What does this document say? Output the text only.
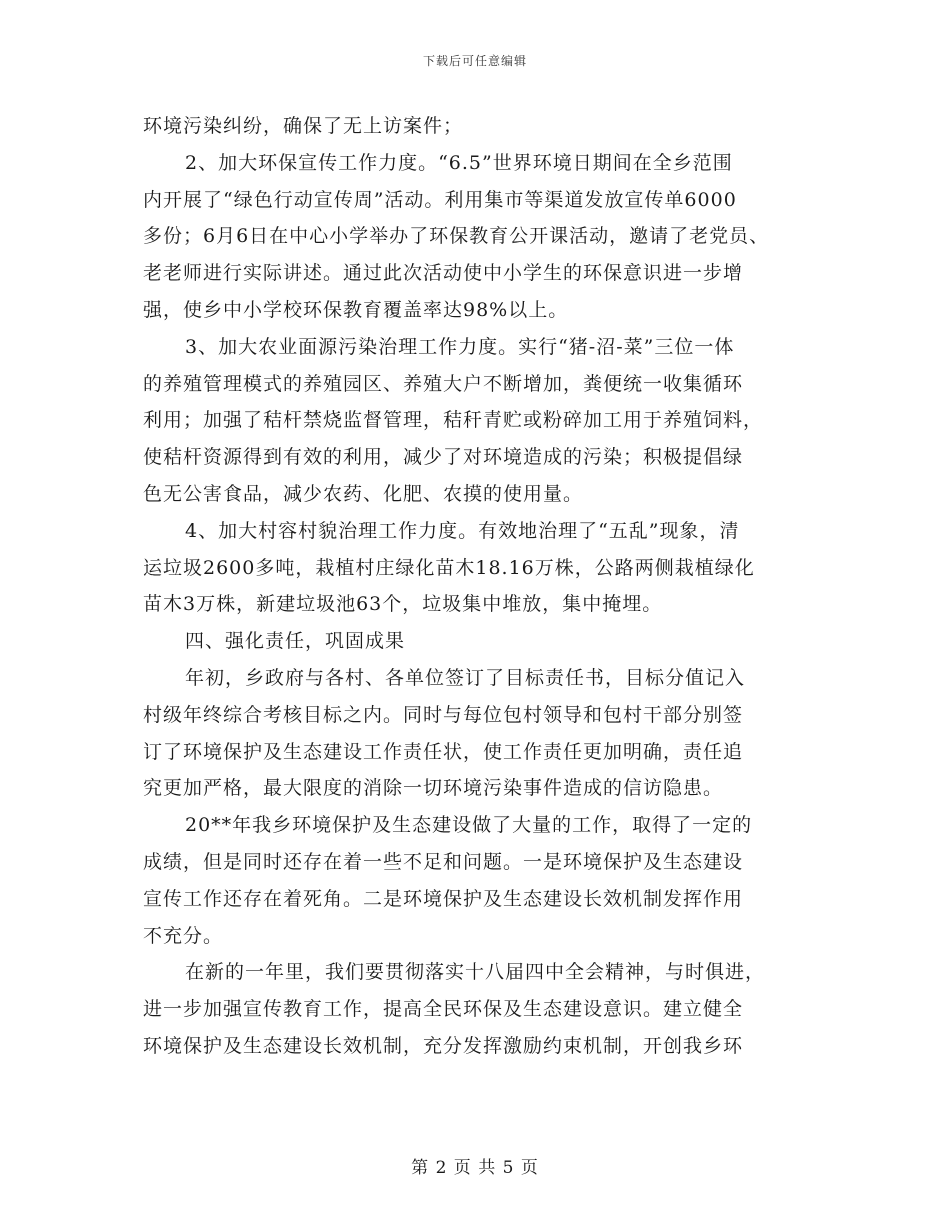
下载后可任意编辑
环境污染纠纷，确保了无上访案件；
2、加大环保宣传工作力度。“6.5”世界环境日期间在全乡范围
内开展了“绿色行动宣传周”活动。利用集市等渠道发放宣传单6000
多份；6月6日在中心小学举办了环保教育公开课活动，邀请了老党员、
老老师进行实际讲述。通过此次活动使中小学生的环保意识进一步增
强，使乡中小学校环保教育覆盖率达98%以上。
3、加大农业面源污染治理工作力度。实行“猪-沼-菜”三位一体
的养殖管理模式的养殖园区、养殖大户不断增加，粪便统一收集循环
利用；加强了秸杆禁烧监督管理，秸秆青贮或粉碎加工用于养殖饲料，
使秸杆资源得到有效的利用，减少了对环境造成的污染；积极提倡绿
色无公害食品，减少农药、化肥、农摸的使用量。
4、加大村容村貌治理工作力度。有效地治理了“五乱”现象，清
运垃圾2600多吨，栽植村庄绿化苗木18.16万株，公路两侧栽植绿化
苗木3万株，新建垃圾池63个，垃圾集中堆放，集中掩埋。
四、强化责任，巩固成果
年初，乡政府与各村、各单位签订了目标责任书，目标分值记入
村级年终综合考核目标之内。同时与每位包村领导和包村干部分别签
订了环境保护及生态建设工作责任状，使工作责任更加明确，责任追
究更加严格，最大限度的消除一切环境污染事件造成的信访隐患。
20**年我乡环境保护及生态建设做了大量的工作，取得了一定的
成绩，但是同时还存在着一些不足和问题。一是环境保护及生态建设
宣传工作还存在着死角。二是环境保护及生态建设长效机制发挥作用
不充分。
在新的一年里，我们要贯彻落实十八届四中全会精神，与时俱进，
进一步加强宣传教育工作，提高全民环保及生态建设意识。建立健全
环境保护及生态建设长效机制，充分发挥激励约束机制，开创我乡环
第 2 页 共 5 页
